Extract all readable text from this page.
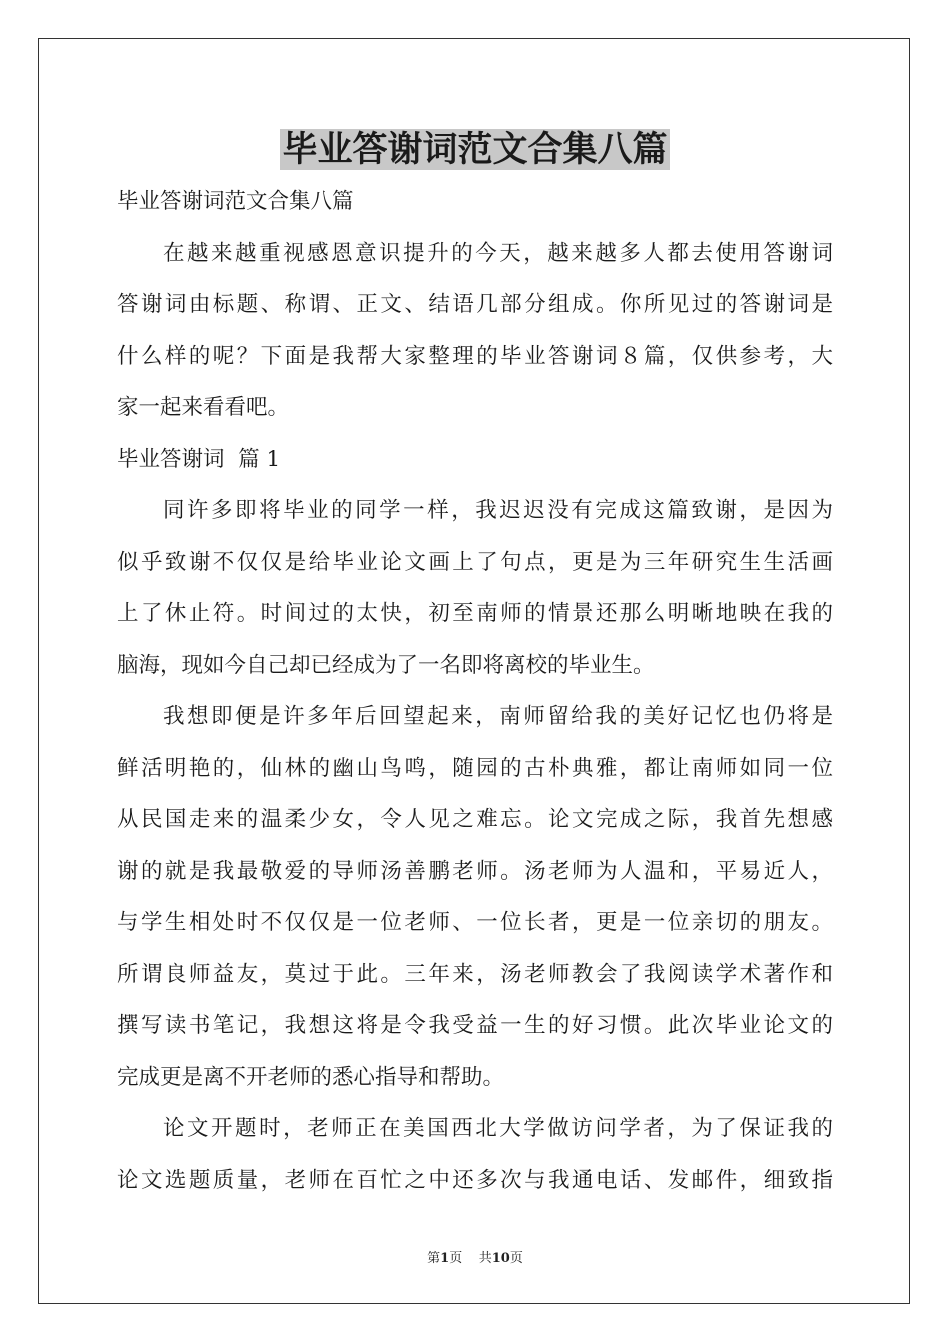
毕业答谢词范文合集八篇
毕业答谢词范文合集八篇
在越来越重视感恩意识提升的今天，越来越多人都去使用答谢词
答谢词由标题、称谓、正文、结语几部分组成。你所见过的答谢词是
什么样的呢？下面是我帮大家整理的毕业答谢词８篇，仅供参考，大
家一起来看看吧。
毕业答谢词  篇 1
同许多即将毕业的同学一样，我迟迟没有完成这篇致谢，是因为
似乎致谢不仅仅是给毕业论文画上了句点，更是为三年研究生生活画
上了休止符。时间过的太快，初至南师的情景还那么明晰地映在我的
脑海，现如今自己却已经成为了一名即将离校的毕业生。
我想即便是许多年后回望起来，南师留给我的美好记忆也仍将是
鲜活明艳的，仙林的幽山鸟鸣，随园的古朴典雅，都让南师如同一位
从民国走来的温柔少女，令人见之难忘。论文完成之际，我首先想感
谢的就是我最敬爱的导师汤善鹏老师。汤老师为人温和，平易近人，
与学生相处时不仅仅是一位老师、一位长者，更是一位亲切的朋友。
所谓良师益友，莫过于此。三年来，汤老师教会了我阅读学术著作和
撰写读书笔记，我想这将是令我受益一生的好习惯。此次毕业论文的
完成更是离不开老师的悉心指导和帮助。
论文开题时，老师正在美国西北大学做访问学者，为了保证我的
论文选题质量，老师在百忙之中还多次与我通电话、发邮件，细致指
第1页 共10页
